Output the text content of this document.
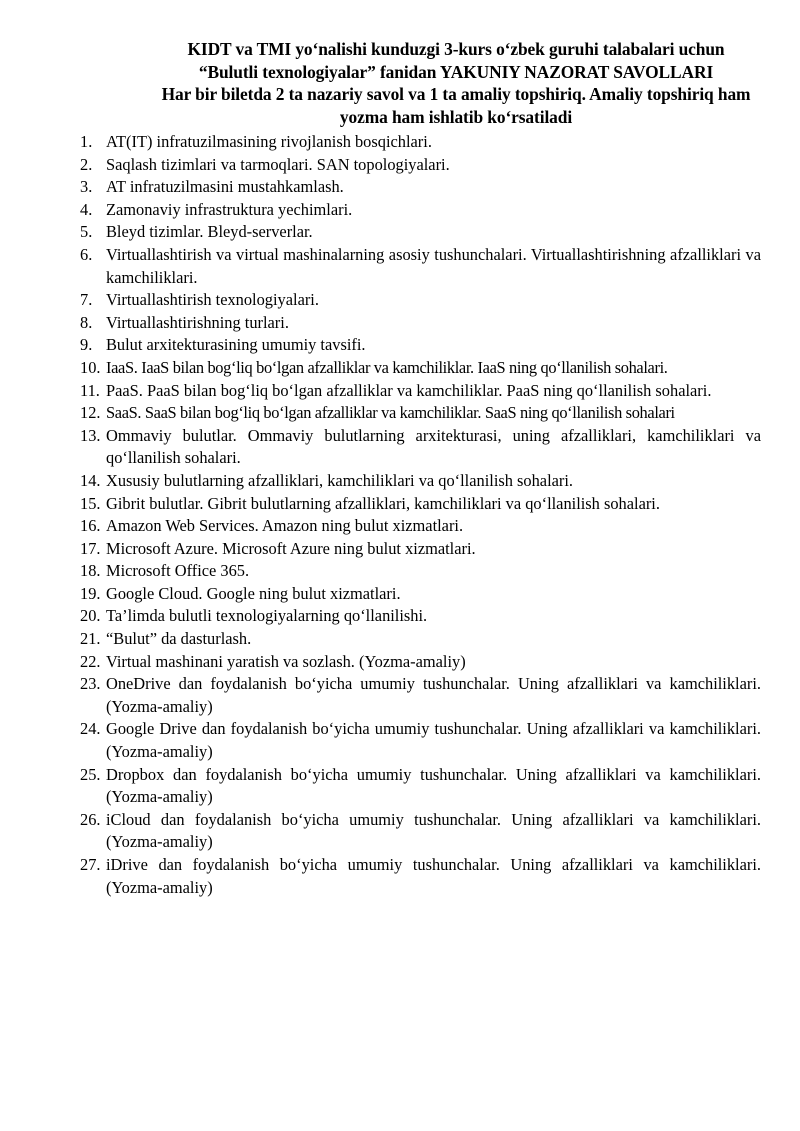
KIDT va TMI yo‘nalishi kunduzgi 3-kurs o‘zbek guruhi talabalari uchun
“Bulutli texnologiyalar” fanidan YAKUNIY NAZORAT SAVOLLARI
Har bir biletda 2 ta nazariy savol va 1 ta amaliy topshiriq. Amaliy topshiriq ham
yozma ham ishlatib ko‘rsatiladi
1. AT(IT) infratuzilmasining rivojlanish bosqichlari.
2. Saqlash tizimlari va tarmoqlari. SAN topologiyalari.
3. AT infratuzilmasini mustahkamlash.
4. Zamonaviy infrastruktura yechimlari.
5. Bleyd tizimlar. Bleyd-serverlar.
6. Virtuallashtirish va virtual mashinalarning asosiy tushunchalari. Virtuallashtirishning afzalliklari va kamchiliklari.
7. Virtuallashtirish texnologiyalari.
8. Virtuallashtirishning turlari.
9. Bulut arxitekturasining umumiy tavsifi.
10. IaaS. IaaS bilan bog‘liq bo‘lgan afzalliklar va kamchiliklar. IaaS ning qo‘llanilish sohalari.
11. PaaS. PaaS bilan bog‘liq bo‘lgan afzalliklar va kamchiliklar. PaaS ning qo‘llanilish sohalari.
12. SaaS. SaaS bilan bog‘liq bo‘lgan afzalliklar va kamchiliklar. SaaS ning qo‘llanilish sohalari
13. Ommaviy bulutlar. Ommaviy bulutlarning arxitekturasi, uning afzalliklari, kamchiliklari va qo‘llanilish sohalari.
14. Xususiy bulutlarning afzalliklari, kamchiliklari va qo‘llanilish sohalari.
15. Gibrit bulutlar. Gibrit bulutlarning afzalliklari, kamchiliklari va qo‘llanilish sohalari.
16. Amazon Web Services. Amazon ning bulut xizmatlari.
17. Microsoft Azure. Microsoft Azure ning bulut xizmatlari.
18. Microsoft Office 365.
19. Google Cloud. Google ning bulut xizmatlari.
20. Ta’limda bulutli texnologiyalarning qo‘llanilishi.
21. “Bulut” da dasturlash.
22. Virtual mashinani yaratish va sozlash. (Yozma-amaliy)
23. OneDrive dan foydalanish bo‘yicha umumiy tushunchalar. Uning afzalliklari va kamchiliklari. (Yozma-amaliy)
24. Google Drive dan foydalanish bo‘yicha umumiy tushunchalar. Uning afzalliklari va kamchiliklari. (Yozma-amaliy)
25. Dropbox dan foydalanish bo‘yicha umumiy tushunchalar. Uning afzalliklari va kamchiliklari. (Yozma-amaliy)
26. iCloud dan foydalanish bo‘yicha umumiy tushunchalar. Uning afzalliklari va kamchiliklari. (Yozma-amaliy)
27. iDrive dan foydalanish bo‘yicha umumiy tushunchalar. Uning afzalliklari va kamchiliklari. (Yozma-amaliy)
